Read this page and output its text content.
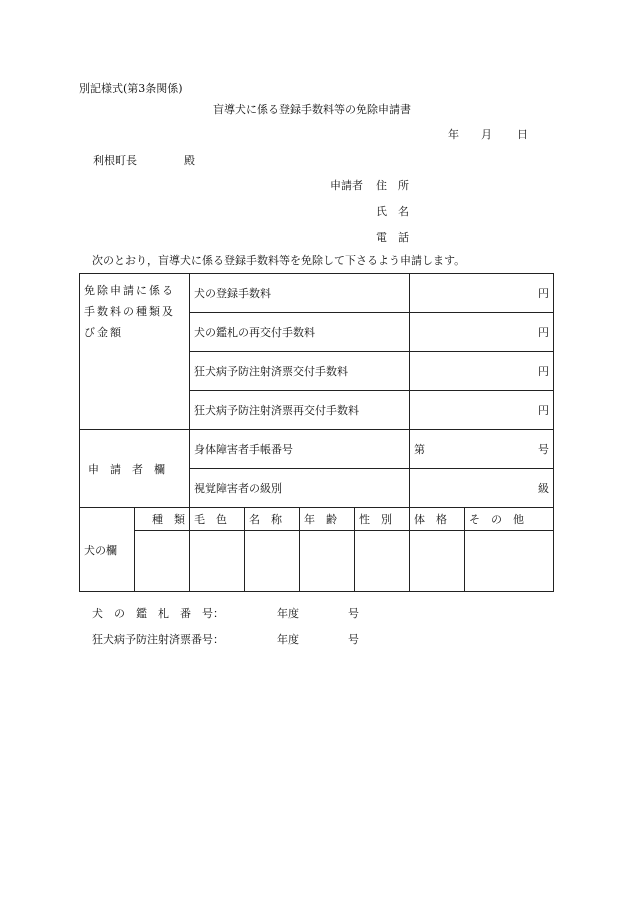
別記様式(第3条関係)
盲導犬に係る登録手数料等の免除申請書
年 月 日
利根町長	殿
申請者 住　所
氏　名
電　話
次のとおり，盲導犬に係る登録手数料等を免除して下さるよう申請します。
免除申請に係る手数料の種類及び金額		犬の登録手数料				円	
		犬の鑑札の再交付手数料				円	
		狂犬病予防注射済票交付手数料				円	
		狂犬病予防注射済票再交付手数料				円	
申　請　者　欄		身体障害者手帳番号				第 号	

		視覚障害者の級別				級	
犬の欄	種　類	毛　色	名　称	年　齢	性　別	体　格	そ　の　他

犬　の　鑑　札　番　号：	年度	号
狂犬病予防注射済票番号：	年度	号
